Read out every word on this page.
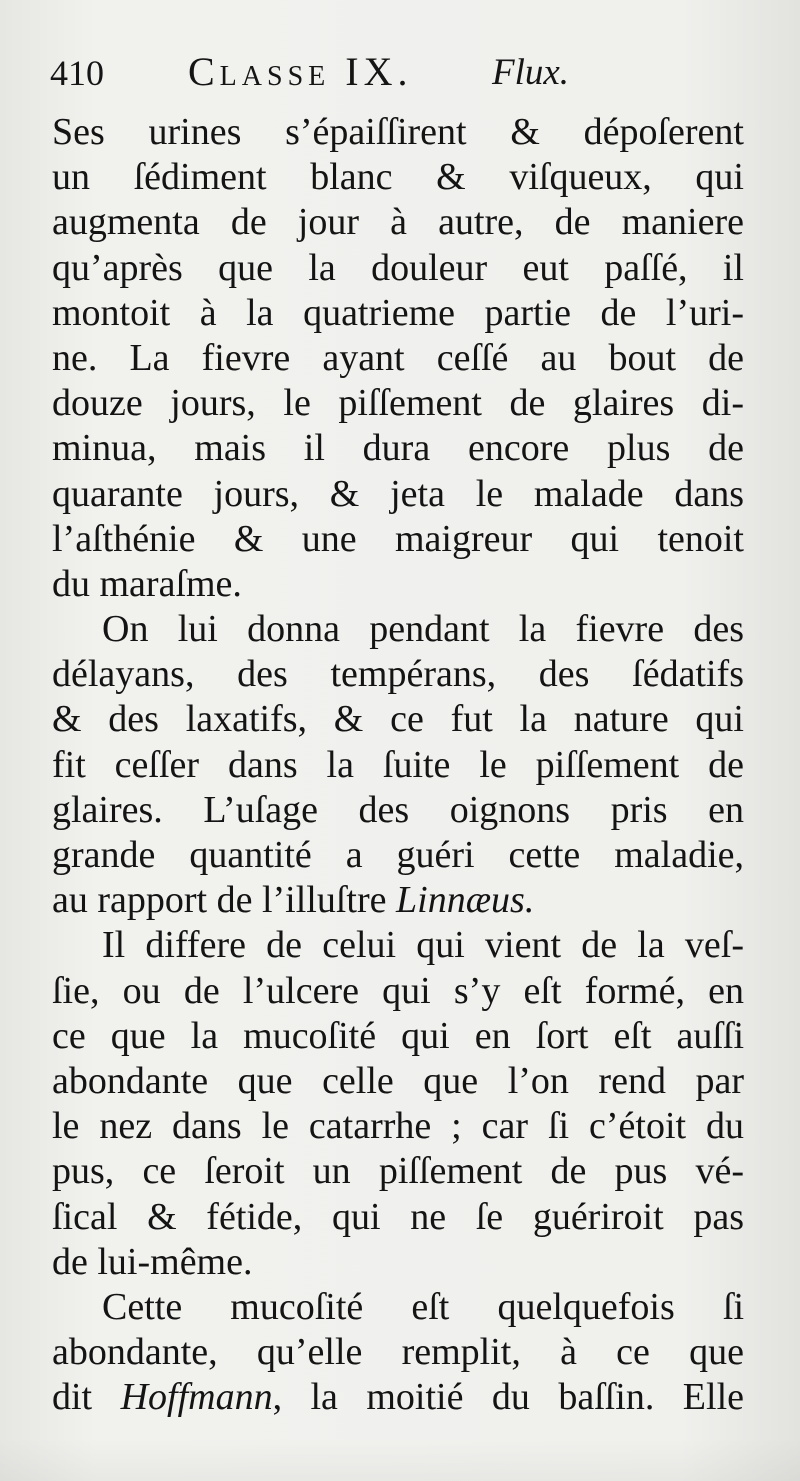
410 Classe IX. Flux.
Ses urines s’épaiſſirent & dépoſerent
un ſédiment blanc & viſqueux, qui
augmenta de jour à autre, de maniere
qu’après que la douleur eut paſſé, il
montoit à la quatrieme partie de l’uri-
ne. La fievre ayant ceſſé au bout de
douze jours, le piſſement de glaires di-
minua, mais il dura encore plus de
quarante jours, & jeta le malade dans
l’aſthénie & une maigreur qui tenoit
du maraſme.
On lui donna pendant la fievre des
délayans, des tempérans, des ſédatifs
& des laxatifs, & ce fut la nature qui
fit ceſſer dans la ſuite le piſſement de
glaires. L’uſage des oignons pris en
grande quantité a guéri cette maladie,
au rapport de l’illuſtre Linnæus.
Il differe de celui qui vient de la veſ-
ſie, ou de l’ulcere qui s’y eſt formé, en
ce que la mucoſité qui en ſort eſt auſſi
abondante que celle que l’on rend par
le nez dans le catarrhe ; car ſi c’étoit du
pus, ce ſeroit un piſſement de pus vé-
ſical & fétide, qui ne ſe guériroit pas
de lui-même.
Cette mucoſité eſt quelquefois ſi
abondante, qu’elle remplit, à ce que
dit Hoffmann, la moitié du baſſin. Elle
